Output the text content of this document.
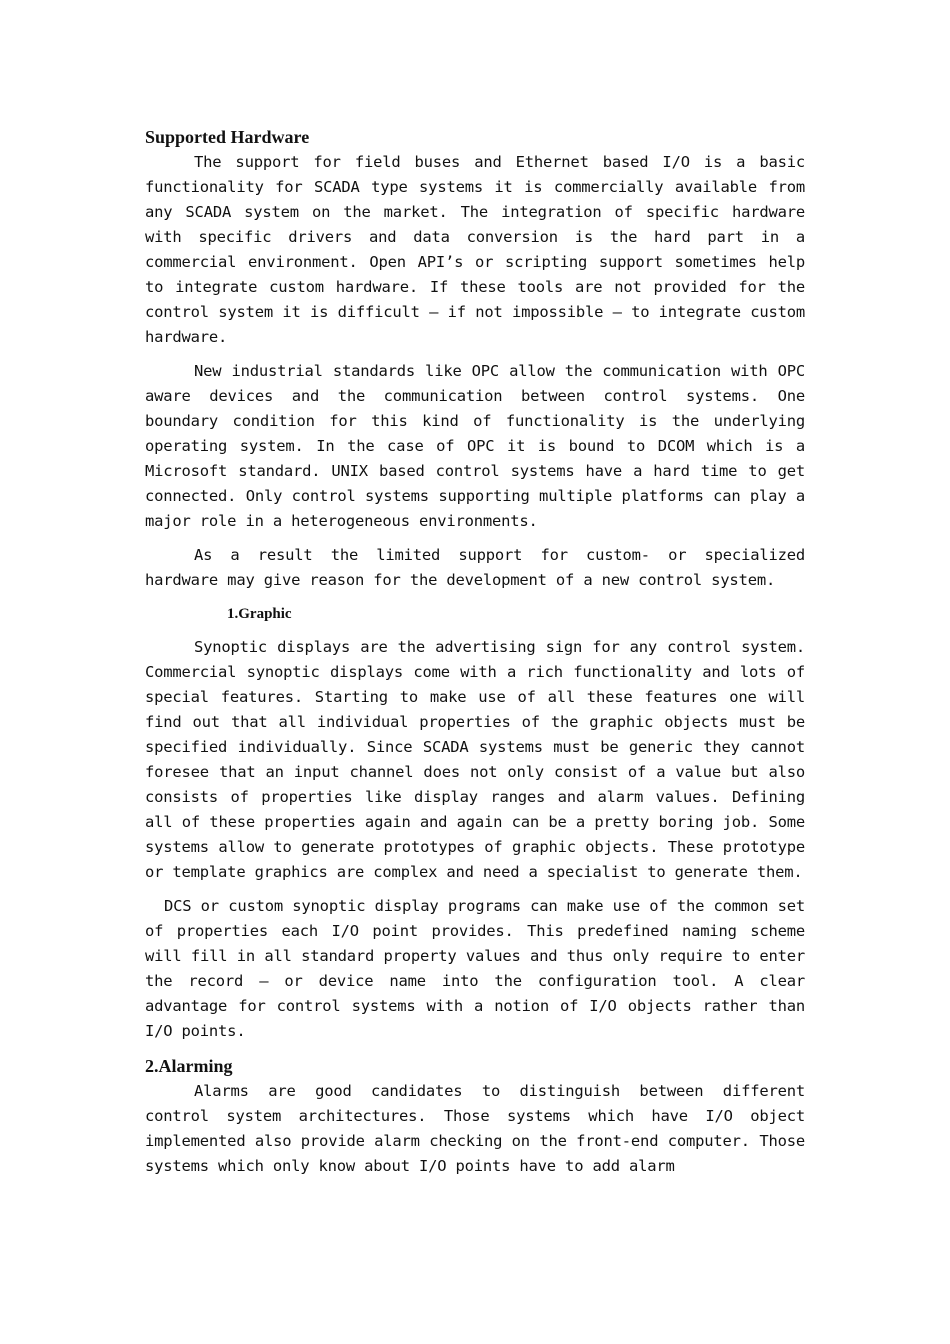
Supported Hardware

The support for field buses and Ethernet based I/O is a basic functionality for SCADA type systems it is commercially available from any SCADA system on the market. The integration of specific hardware with specific drivers and data conversion is the hard part in a commercial environment. Open API’s or scripting support sometimes help to integrate custom hardware. If these tools are not provided for the control system it is difficult – if not impossible – to integrate custom hardware.

New industrial standards like OPC allow the communication with OPC aware devices and the communication between control systems. One boundary condition for this kind of functionality is the underlying operating system. In the case of OPC it is bound to DCOM which is a Microsoft standard. UNIX based control systems have a hard time to get connected. Only control systems supporting multiple platforms can play a major role in a heterogeneous environments.

As a result the limited support for custom- or specialized hardware may give reason for the development of a new control system.

1.Graphic

Synoptic displays are the advertising sign for any control system. Commercial synoptic displays come with a rich functionality and lots of special features. Starting to make use of all these features one will find out that all individual properties of the graphic objects must be specified individually. Since SCADA systems must be generic they cannot foresee that an input channel does not only consist of a value but also consists of properties like display ranges and alarm values. Defining all of these properties again and again can be a pretty boring job. Some systems allow to generate prototypes of graphic objects. These prototype or template graphics are complex and need a specialist to generate them.

DCS or custom synoptic display programs can make use of the common set of properties each I/O point provides. This predefined naming scheme will fill in all standard property values and thus only require to enter the record – or device name into the configuration tool. A clear advantage for control systems with a notion of I/O objects rather than I/O points.

2.Alarming

Alarms are good candidates to distinguish between different control system architectures. Those systems which have I/O object implemented also provide alarm checking on the front-end computer. Those systems which only know about I/O points have to add alarm
